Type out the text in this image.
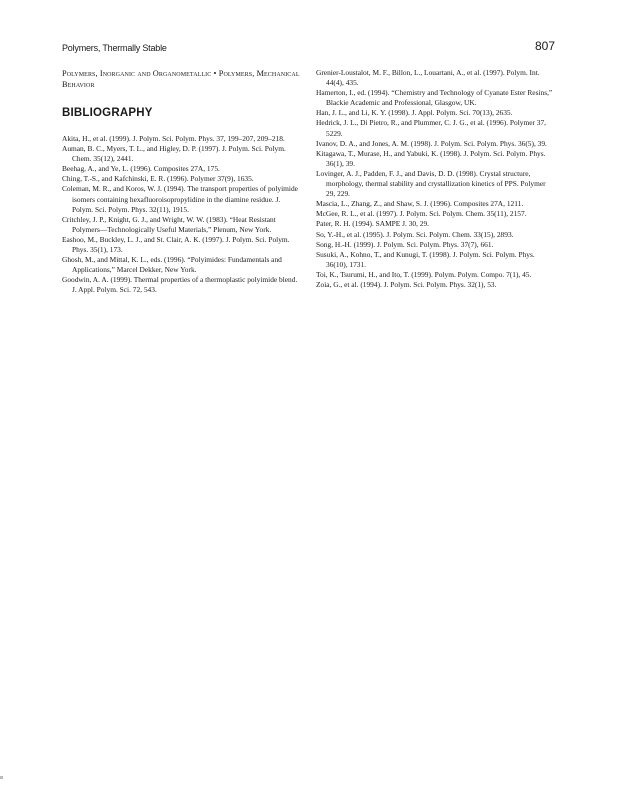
Polymers, Thermally Stable	807

Polymers, Inorganic and Organometallic • Polymers, Mechanical Behavior

BIBLIOGRAPHY
Akita, H., et al. (1999). J. Polym. Sci. Polym. Phys. 37, 199–207, 209–218.
Auman, B. C., Myers, T. L., and Higley, D. P. (1997). J. Polym. Sci. Polym. Chem. 35(12), 2441.
Beehag, A., and Ye, L. (1996). Composites 27A, 175.
Ching, T.-S., and Kafchinski, E. R. (1996). Polymer 37(9), 1635.
Coleman, M. R., and Koros, W. J. (1994). The transport properties of polyimide isomers containing hexafluoroisopropylidine in the diamine residue. J. Polym. Sci. Polym. Phys. 32(11), 1915.
Critchley, J. P., Knight, G. J., and Wright, W. W. (1983). “Heat Resistant Polymers—Technologically Useful Materials,” Plenum, New York.
Eashoo, M., Buckley, L. J., and St. Clair, A. K. (1997). J. Polym. Sci. Polym. Phys. 35(1), 173.
Ghosh, M., and Mittal, K. L., eds. (1996). “Polyimides: Fundamentals and Applications,” Marcel Dekker, New York.
Goodwin, A. A. (1999). Thermal properties of a thermoplastic polyimide blend. J. Appl. Polym. Sci. 72, 543.
Grenier-Loustalot, M. F., Billon, L., Louartani, A., et al. (1997). Polym. Int. 44(4), 435.
Hamerton, I., ed. (1994). “Chemistry and Technology of Cyanate Ester Resins,” Blackie Academic and Professional, Glasgow, UK.
Han, J. L., and Li, K. Y. (1998). J. Appl. Polym. Sci. 70(13), 2635.
Hedrick, J. L., Di Pietro, R., and Plummer, C. J. G., et al. (1996). Polymer 37, 5229.
Ivanov, D. A., and Jones, A. M. (1998). J. Polym. Sci. Polym. Phys. 36(5), 39.
Kitagawa, T., Murase, H., and Yabuki, K. (1998). J. Polym. Sci. Polym. Phys. 36(1), 39.
Lovinger, A. J., Padden, F. J., and Davis, D. D. (1998). Crystal structure, morphology, thermal stability and crystallization kinetics of PPS. Polymer 29, 229.
Mascia, L., Zhang, Z., and Shaw, S. J. (1996). Composites 27A, 1211.
McGee, R. L., et al. (1997). J. Polym. Sci. Polym. Chem. 35(11), 2157.
Pater, R. H. (1994). SAMPE J. 30, 29.
So, Y.-H., et al. (1995). J. Polym. Sci. Polym. Chem. 33(15), 2893.
Song, H.-H. (1999). J. Polym. Sci. Polym. Phys. 37(7), 661.
Susuki, A., Kohno, T., and Kunugi, T. (1998). J. Polym. Sci. Polym. Phys. 36(10), 1731.
Toi, K., Tsurumi, H., and Ito, T. (1999). Polym. Polym. Compo. 7(1), 45.
Zoia, G., et al. (1994). J. Polym. Sci. Polym. Phys. 32(1), 53.
